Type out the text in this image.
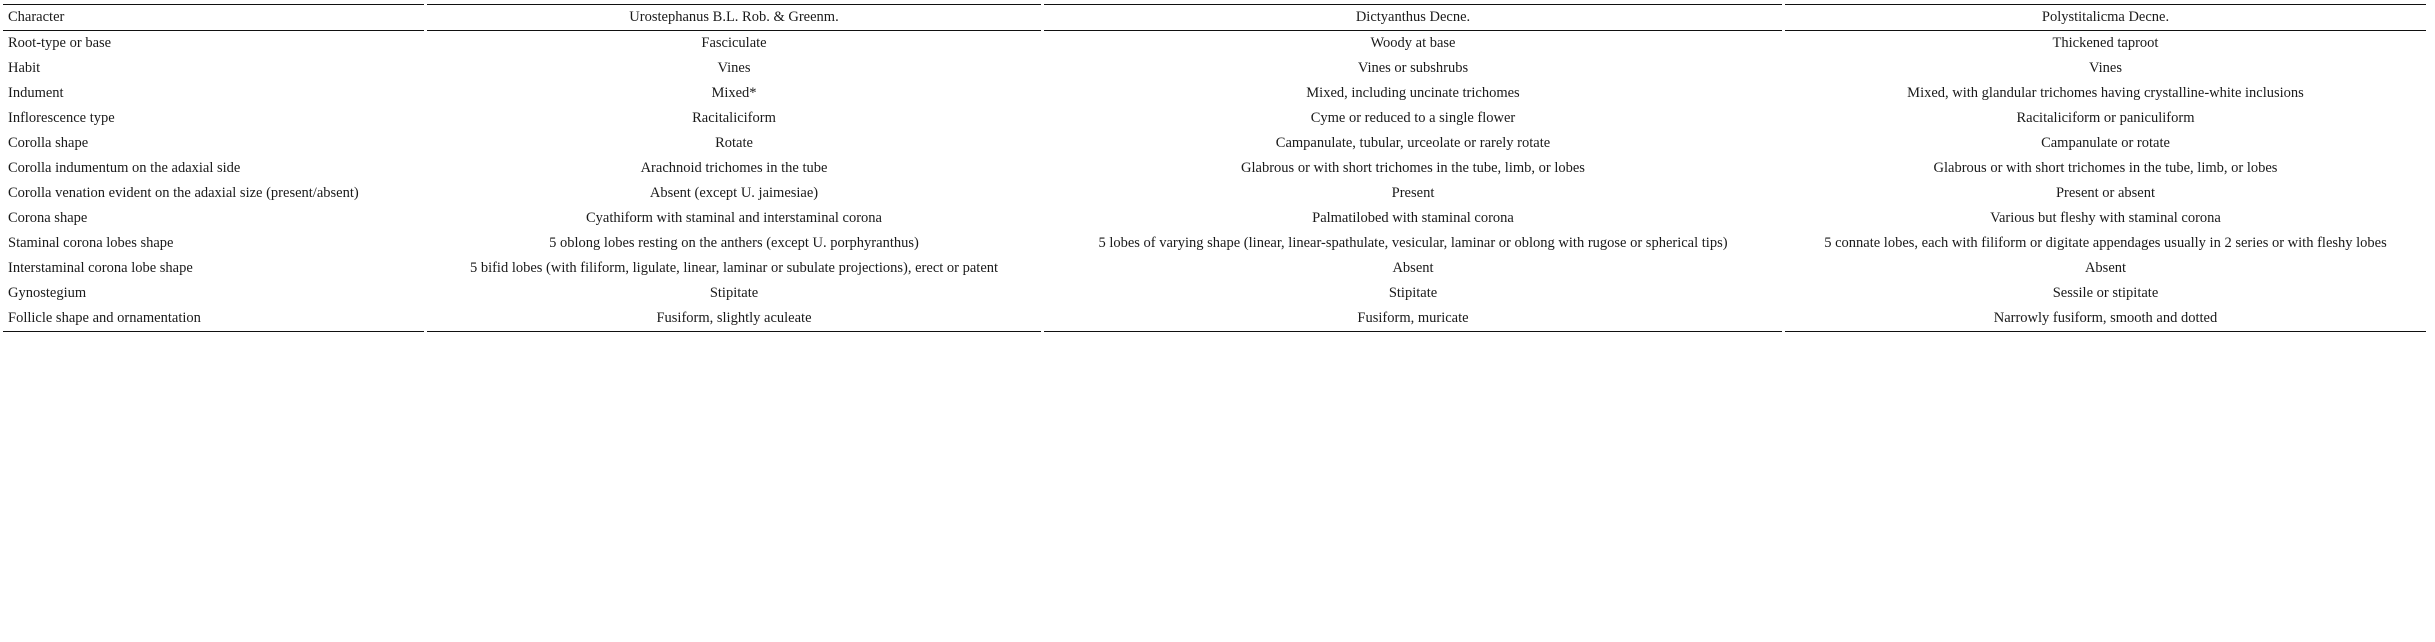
Character	Urostephanus B.L. Rob. & Greenm.	Dictyanthus Decne.	Polystitalicma Decne.
Root-type or base	Fasciculate	Woody at base	Thickened taproot
Habit	Vines	Vines or subshrubs	Vines
Indument	Mixed*	Mixed, including uncinate trichomes	Mixed, with glandular trichomes having crystalline-white inclusions
Inflorescence type	Racitaliciform	Cyme or reduced to a single flower	Racitaliciform or paniculiform
Corolla shape	Rotate	Campanulate, tubular, urceolate or rarely rotate	Campanulate or rotate
Corolla indumentum on the adaxial side	Arachnoid trichomes in the tube	Glabrous or with short trichomes in the tube, limb, or lobes	Glabrous or with short trichomes in the tube, limb, or lobes
Corolla venation evident on the adaxial size (present/absent)	Absent (except U. jaimesiae)	Present	Present or absent
Corona shape	Cyathiform with staminal and interstaminal corona	Palmatilobed with staminal corona	Various but fleshy with staminal corona
Staminal corona lobes shape	5 oblong lobes resting on the anthers (except U. porphyranthus)	5 lobes of varying shape (linear, linear-spathulate, vesicular, laminar or oblong with rugose or spherical tips)	5 connate lobes, each with filiform or digitate appendages usually in 2 series or with fleshy lobes
Interstaminal corona lobe shape	5 bifid lobes (with filiform, ligulate, linear, laminar or subulate projections), erect or patent	Absent	Absent
Gynostegium	Stipitate	Stipitate	Sessile or stipitate
Follicle shape and ornamentation	Fusiform, slightly aculeate	Fusiform, muricate	Narrowly fusiform, smooth and dotted
